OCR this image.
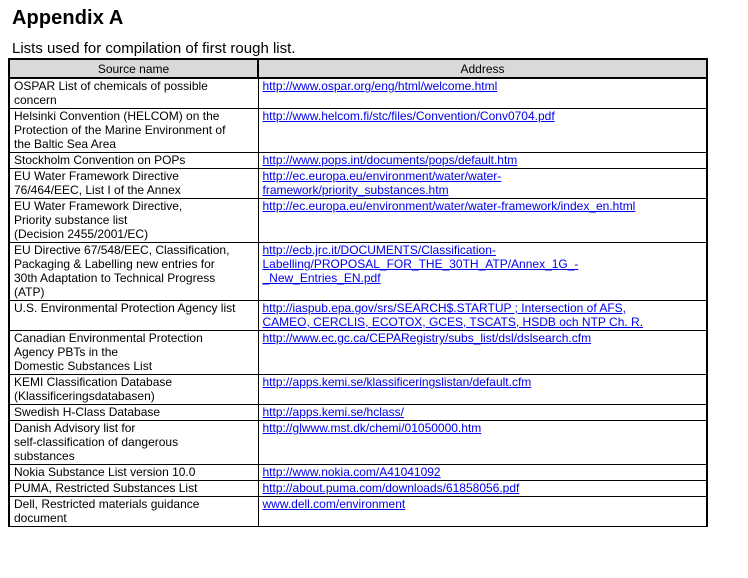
Appendix A

Lists used for compilation of first rough list.

Source name	Address
OSPAR List of chemicals of possible
concern	http://www.ospar.org/eng/html/welcome.html
Helsinki Convention (HELCOM) on the
Protection of the Marine Environment of
the Baltic Sea Area	http://www.helcom.fi/stc/files/Convention/Conv0704.pdf
Stockholm Convention on POPs	http://www.pops.int/documents/pops/default.htm
EU Water Framework Directive
76/464/EEC, List I of the Annex	http://ec.europa.eu/environment/water/water-
framework/priority_substances.htm
EU Water Framework Directive,
Priority substance list
(Decision 2455/2001/EC)	http://ec.europa.eu/environment/water/water-framework/index_en.html
EU Directive 67/548/EEC, Classification,
Packaging & Labelling new entries for
30th Adaptation to Technical Progress
(ATP)	http://ecb.jrc.it/DOCUMENTS/Classification-
Labelling/PROPOSAL_FOR_THE_30TH_ATP/Annex_1G_-
_New_Entries_EN.pdf
U.S. Environmental Protection Agency list	http://iaspub.epa.gov/srs/SEARCH$.STARTUP ; Intersection of AFS,
CAMEO, CERCLIS, ECOTOX, GCES, TSCATS, HSDB och NTP Ch. R.
Canadian Environmental Protection
Agency PBTs in the
Domestic Substances List	http://www.ec.gc.ca/CEPARegistry/subs_list/dsl/dslsearch.cfm
KEMI Classification Database
(Klassificeringsdatabasen)	http://apps.kemi.se/klassificeringslistan/default.cfm
Swedish H-Class Database	http://apps.kemi.se/hclass/
Danish Advisory list for
self-classification of dangerous
substances	http://glwww.mst.dk/chemi/01050000.htm
Nokia Substance List version 10.0	http://www.nokia.com/A41041092
PUMA, Restricted Substances List	http://about.puma.com/downloads/61858056.pdf
Dell, Restricted materials guidance
document	www.dell.com/environment
